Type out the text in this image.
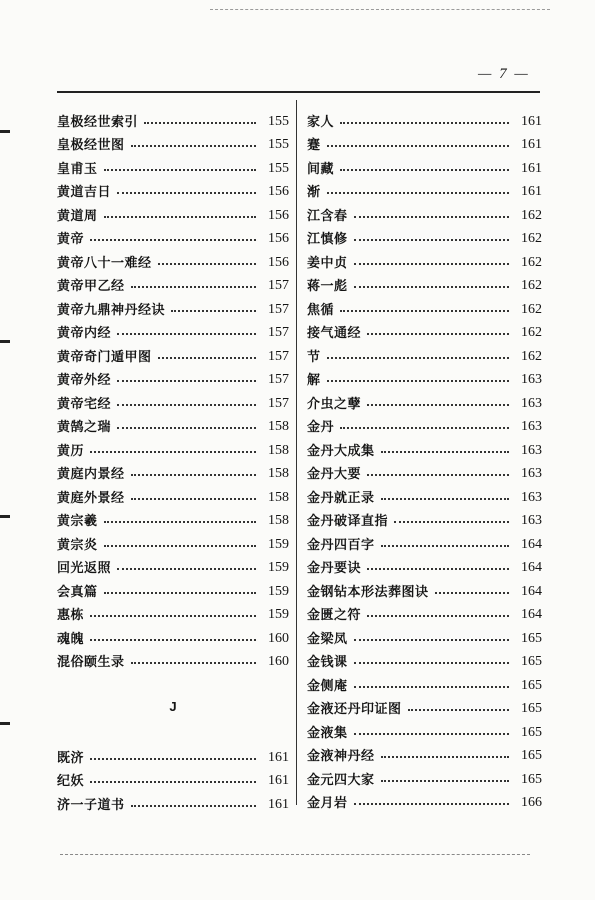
— 7 —
皇极经世索引	155
皇极经世图	155
皇甫玉	155
黄道吉日	156
黄道周	156
黄帝	156
黄帝八十一难经	156
黄帝甲乙经	157
黄帝九鼎神丹经诀	157
黄帝内经	157
黄帝奇门遁甲图	157
黄帝外经	157
黄帝宅经	157
黄鹄之瑞	158
黄历	158
黄庭内景经	158
黄庭外景经	158
黄宗羲	158
黄宗炎	159
回光返照	159
会真篇	159
惠栋	159
魂魄	160
混俗颐生录	160
J
既济	161
纪妖	161
济一子道书	161
家人	161
蹇	161
间藏	161
渐	161
江含春	162
江慎修	162
姜中贞	162
蒋一彪	162
焦循	162
接气通经	162
节	162
解	163
介虫之孽	163
金丹	163
金丹大成集	163
金丹大要	163
金丹就正录	163
金丹破译直指	163
金丹四百字	164
金丹要诀	164
金钢钻本形法葬图诀	164
金匮之符	164
金梁凤	165
金钱课	165
金侧庵	165
金液还丹印证图	165
金液集	165
金液神丹经	165
金元四大家	165
金月岩	166
